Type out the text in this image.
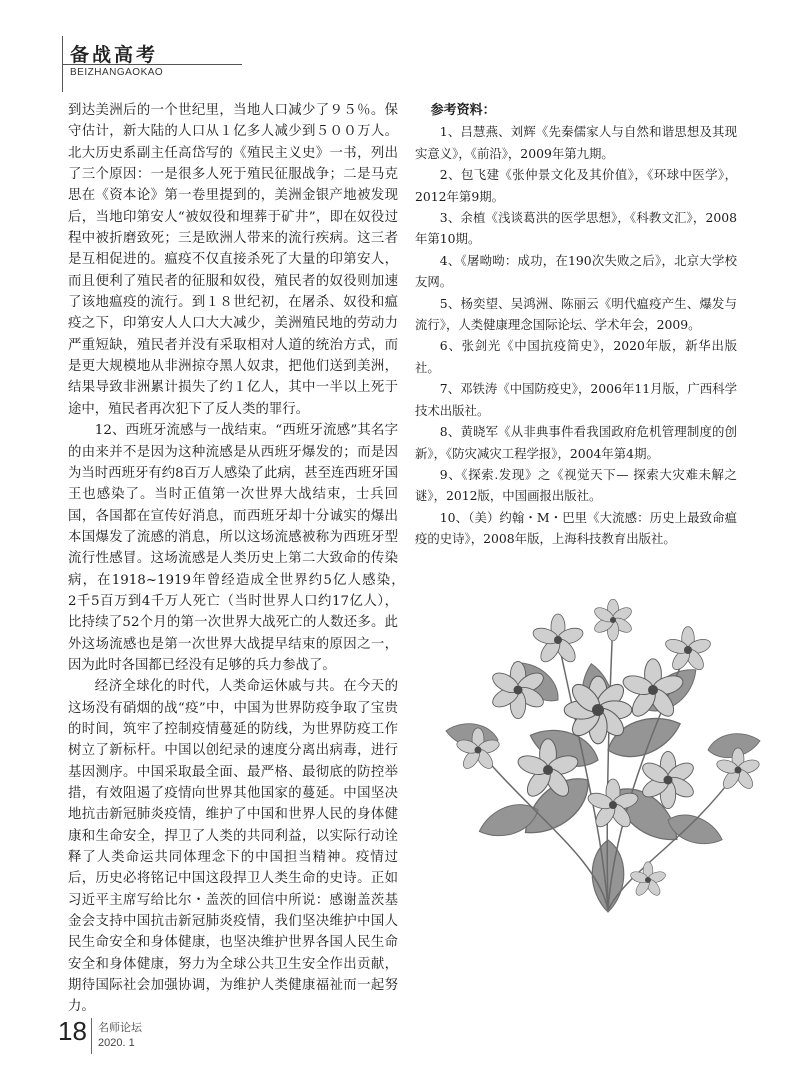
备战高考
BEIZHANGAOKAO

到达美洲后的一个世纪里，当地人口减少了９５％。保守估计，新大陆的人口从１亿多人减少到５００万人。北大历史系副主任高岱写的《殖民主义史》一书，列出了三个原因：一是很多人死于殖民征服战争；二是马克思在《资本论》第一卷里提到的，美洲金银产地被发现后，当地印第安人“被奴役和埋葬于矿井”，即在奴役过程中被折磨致死；三是欧洲人带来的流行疾病。这三者是互相促进的。瘟疫不仅直接杀死了大量的印第安人，而且便利了殖民者的征服和奴役，殖民者的奴役则加速了该地瘟疫的流行。到１８世纪初，在屠杀、奴役和瘟疫之下，印第安人人口大大减少，美洲殖民地的劳动力严重短缺，殖民者并没有采取相对人道的统治方式，而是更大规模地从非洲掠夺黑人奴隶，把他们送到美洲，结果导致非洲累计损失了约１亿人，其中一半以上死于途中，殖民者再次犯下了反人类的罪行。

12、西班牙流感与一战结束。“西班牙流感”其名字的由来并不是因为这种流感是从西班牙爆发的；而是因为当时西班牙有约8百万人感染了此病，甚至连西班牙国王也感染了。当时正值第一次世界大战结束，士兵回国，各国都在宣传好消息，而西班牙却十分诚实的爆出本国爆发了流感的消息，所以这场流感被称为西班牙型流行性感冒。这场流感是人类历史上第二大致命的传染病，在1918~1919年曾经造成全世界约5亿人感染，　2千5百万到4千万人死亡（当时世界人口约17亿人），比持续了52个月的第一次世界大战死亡的人数还多。此外这场流感也是第一次世界大战提早结束的原因之一，因为此时各国都已经没有足够的兵力参战了。

经济全球化的时代，人类命运休戚与共。在今天的这场没有硝烟的战“疫”中，中国为世界防疫争取了宝贵的时间，筑牢了控制疫情蔓延的防线，为世界防疫工作树立了新标杆。中国以创纪录的速度分离出病毒，进行基因测序。中国采取最全面、最严格、最彻底的防控举措，有效阻遏了疫情向世界其他国家的蔓延。中国坚决地抗击新冠肺炎疫情，维护了中国和世界人民的身体健康和生命安全，捍卫了人类的共同利益，以实际行动诠释了人类命运共同体理念下的中国担当精神。疫情过后，历史必将铭记中国这段捍卫人类生命的史诗。正如习近平主席写给比尔・盖茨的回信中所说：感谢盖茨基金会支持中国抗击新冠肺炎疫情，我们坚决维护中国人民生命安全和身体健康，也坚决维护世界各国人民生命安全和身体健康，努力为全球公共卫生安全作出贡献，期待国际社会加强协调，为维护人类健康福祉而一起努力。

参考资料：

1、吕慧燕、刘辉《先秦儒家人与自然和谐思想及其现实意义》，《前沿》，2009年第九期。

2、包飞建《张仲景文化及其价值》，《环球中医学》，2012年第9期。

3、余植《浅谈葛洪的医学思想》，《科教文汇》，2008年第10期。

4、《屠呦呦：成功，在190次失败之后》，北京大学校友网。

5、杨奕望、吴鸿洲、陈丽云《明代瘟疫产生、爆发与流行》，人类健康理念国际论坛、学术年会，2009。

6、张剑光《中国抗疫简史》，2020年版，新华出版社。

7、邓铁涛《中国防疫史》，2006年11月版，广西科学技术出版社。

8、黄晓军《从非典事件看我国政府危机管理制度的创新》，《防灾减灾工程学报》，2004年第4期。

9、《探索.发现》之《视觉天下— 探索大灾难未解之谜》，2012版，中国画报出版社。

10、（美）约翰・M・巴里《大流感：历史上最致命瘟疫的史诗》，2008年版，上海科技教育出版社。

18 名师论坛
2020. 1
